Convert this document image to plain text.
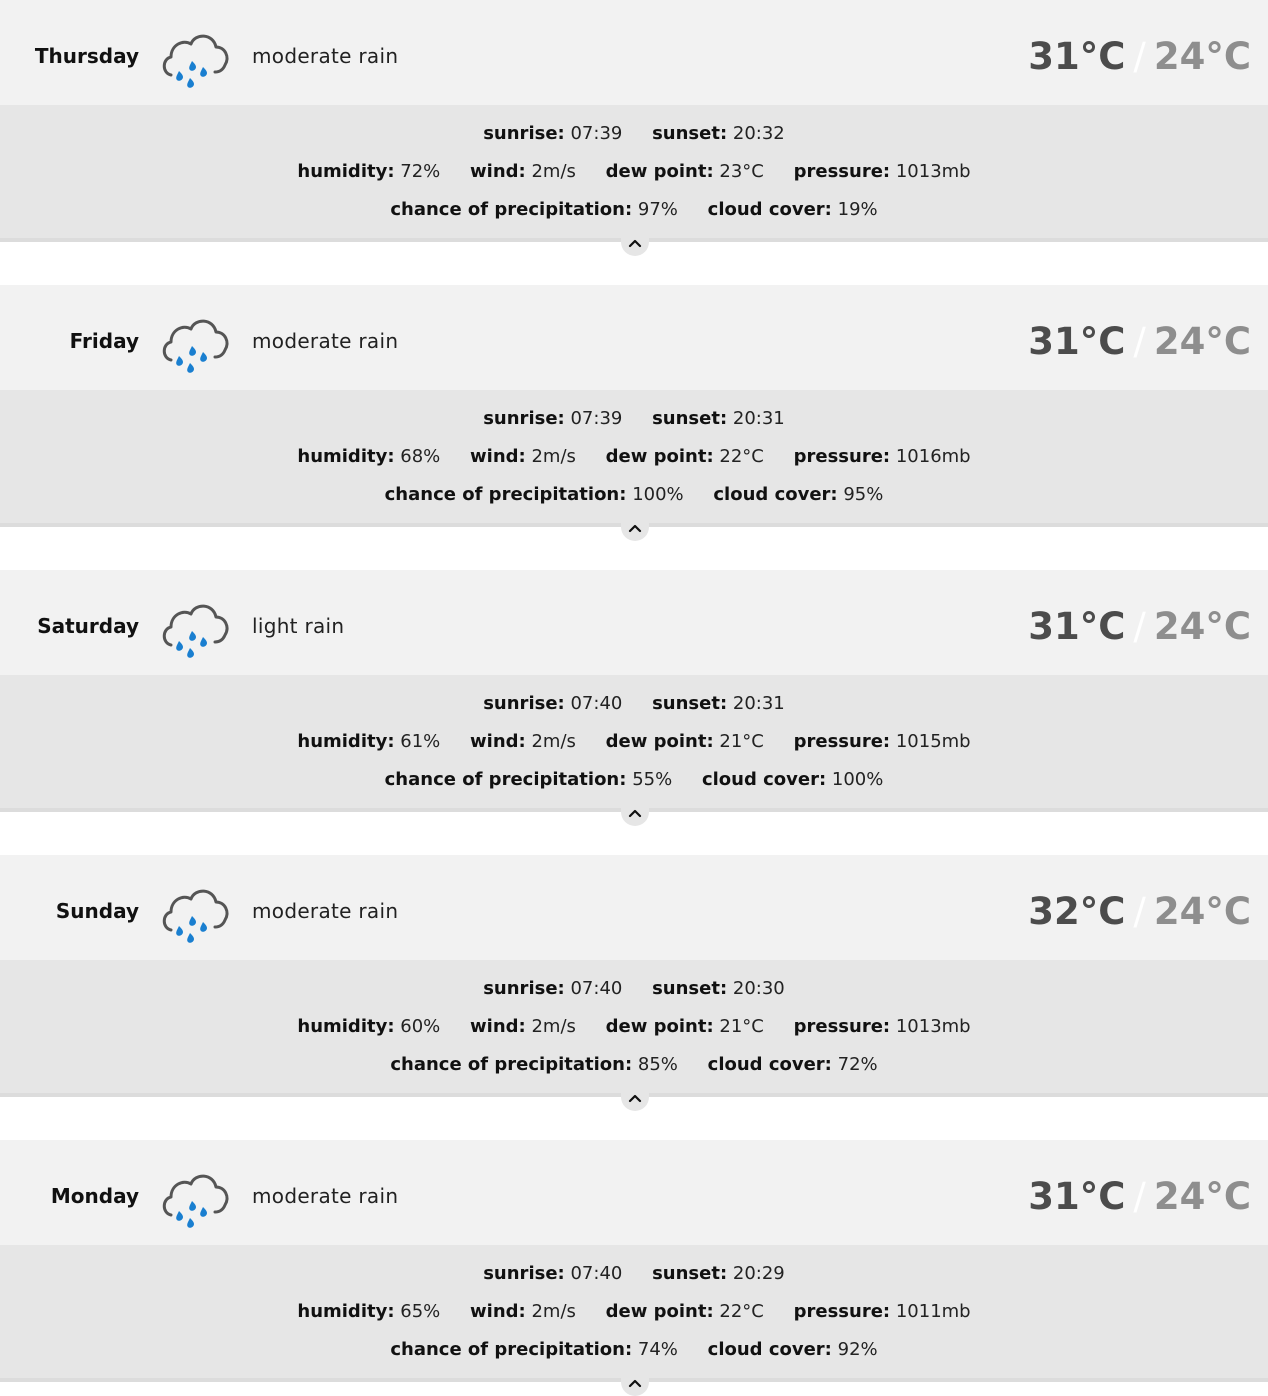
Thursday	moderate rain	31°C / 24°C
sunrise: 07:39 sunset: 20:32
humidity: 72% wind: 2m/s dew point: 23°C pressure: 1013mb
chance of precipitation: 97% cloud cover: 19%
Friday	moderate rain	31°C / 24°C
sunrise: 07:39 sunset: 20:31
humidity: 68% wind: 2m/s dew point: 22°C pressure: 1016mb
chance of precipitation: 100% cloud cover: 95%
Saturday	light rain	31°C / 24°C
sunrise: 07:40 sunset: 20:31
humidity: 61% wind: 2m/s dew point: 21°C pressure: 1015mb
chance of precipitation: 55% cloud cover: 100%
Sunday	moderate rain	32°C / 24°C
sunrise: 07:40 sunset: 20:30
humidity: 60% wind: 2m/s dew point: 21°C pressure: 1013mb
chance of precipitation: 85% cloud cover: 72%
Monday	moderate rain	31°C / 24°C
sunrise: 07:40 sunset: 20:29
humidity: 65% wind: 2m/s dew point: 22°C pressure: 1011mb
chance of precipitation: 74% cloud cover: 92%
